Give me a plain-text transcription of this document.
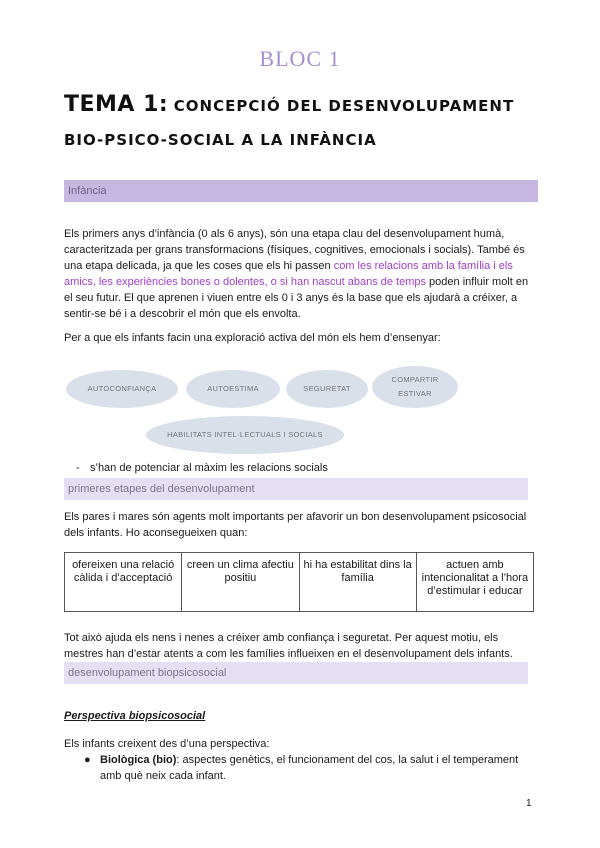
BLOC 1
TEMA 1: CONCEPCIÓ DEL DESENVOLUPAMENT
BIO-PSICO-SOCIAL A LA INFÀNCIA
Infància
Els primers anys d’infància (0 als 6 anys), són una etapa clau del desenvolupament humà, caracteritzada per grans transformacions (físiques, cognitives, emocionals i socials). També és una etapa delicada, ja que les coses que els hi passen com les relacions amb la família i els amics, les experiències bones o dolentes, o si han nascut abans de temps poden influir molt en el seu futur. El que aprenen i viuen entre els 0 i 3 anys és la base que els ajudarà a créixer, a sentir-se bé i a descobrir el món que els envolta.
Per a que els infants facin una exploració activa del món els hem d’ensenyar:
AUTOCONFIANÇA	AUTOESTIMA	SEGURETAT
COMPARTIR ESTIVAR
HABILITATS INTEL·LECTUALS I SOCIALS
- s’han de potenciar al màxim les relacions socials
primeres etapes del desenvolupament
Els pares i mares són agents molt importants per afavorir un bon desenvolupament psicosocial dels infants. Ho aconsegueixen quan:
ofereixen una relació càlida i d’acceptació	creen un clima afectiu positiu	hi ha estabilitat dins la família	actuen amb intencionalitat a l’hora d’estimular i educar
Tot això ajuda els nens i nenes a créixer amb confiança i seguretat. Per aquest motiu, els mestres han d’estar atents a com les famílies influeixen en el desenvolupament dels infants.
desenvolupament biopsicosocial
Perspectiva biopsicosocial
Els infants creixent des d’una perspectiva:
● Biològica (bio): aspectes genètics, el funcionament del cos, la salut i el temperament amb què neix cada infant.
1
